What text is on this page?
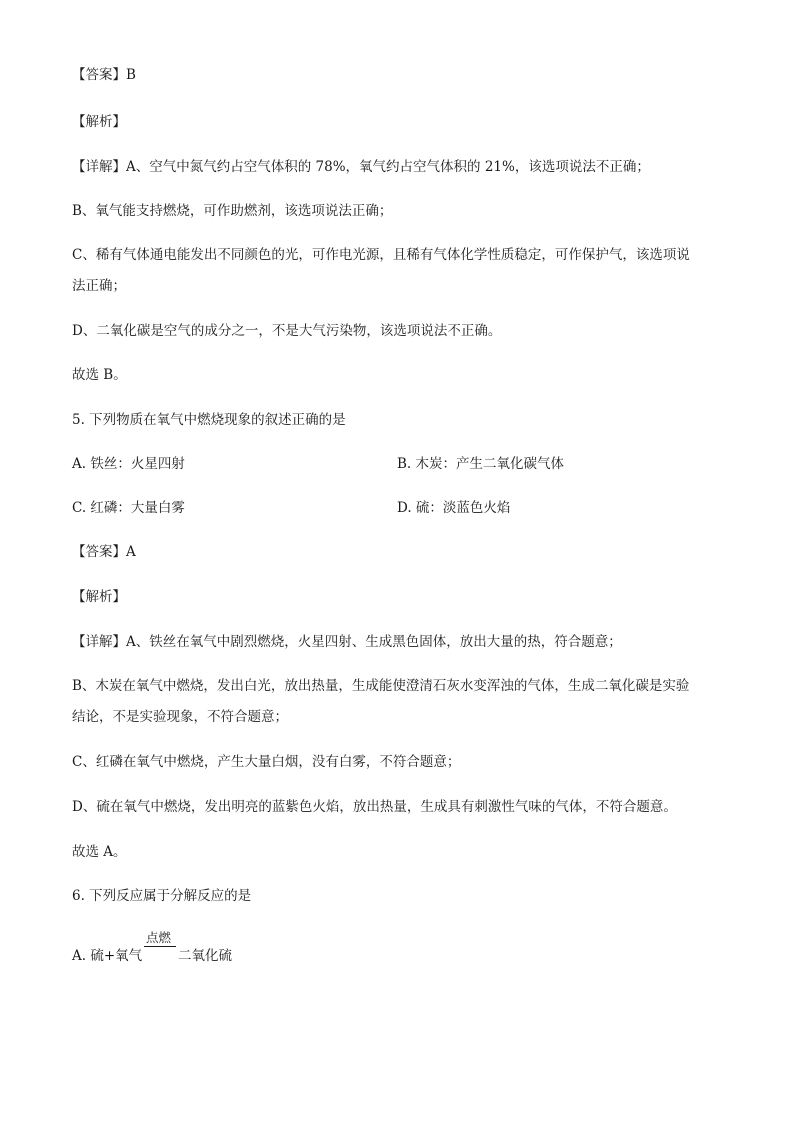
【答案】B
【解析】
【详解】A、空气中氮气约占空气体积的 78%，氧气约占空气体积的 21%，该选项说法不正确；
B、氧气能支持燃烧，可作助燃剂，该选项说法正确；
C、稀有气体通电能发出不同颜色的光，可作电光源，且稀有气体化学性质稳定，可作保护气，该选项说
法正确；
D、二氧化碳是空气的成分之一，不是大气污染物，该选项说法不正确。
故选 B。
5. 下列物质在氧气中燃烧现象的叙述正确的是
A. 铁丝：火星四射	B. 木炭：产生二氧化碳气体
C. 红磷：大量白雾	D. 硫：淡蓝色火焰
【答案】A
【解析】
【详解】A、铁丝在氧气中剧烈燃烧，火星四射、生成黑色固体，放出大量的热，符合题意；
B、木炭在氧气中燃烧，发出白光，放出热量，生成能使澄清石灰水变浑浊的气体，生成二氧化碳是实验
结论，不是实验现象，不符合题意；
C、红磷在氧气中燃烧，产生大量白烟，没有白雾，不符合题意；
D、硫在氧气中燃烧，发出明亮的蓝紫色火焰，放出热量，生成具有刺激性气味的气体，不符合题意。
故选 A。
6. 下列反应属于分解反应的是
A. 硫+氧气
点燃
二氧化硫
